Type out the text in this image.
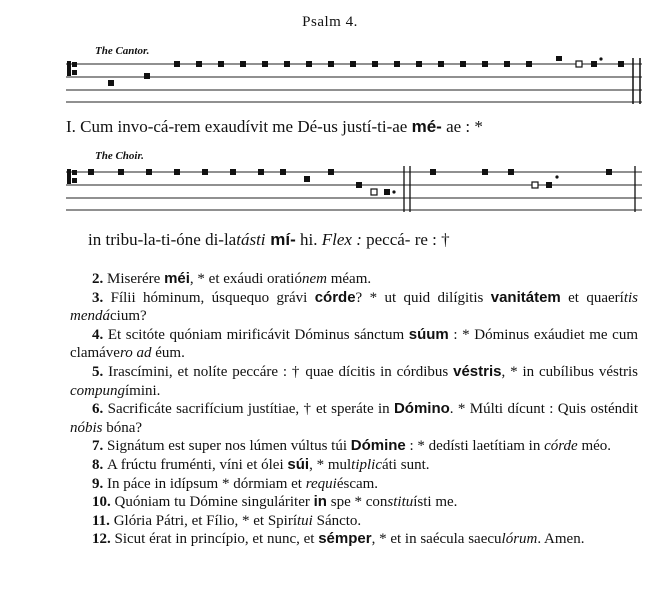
Psalm 4.
The Cantor.
I. Cum invo-cá-rem exaudívit me Dé-us justí-ti-ae mé- ae : *
The Choir.
in tribu-la-ti-óne di-latásti mí- hi. Flex : peccá- re : †

2. Miserére méi, * et exáudi oratiónem méam.

3. Fílii hóminum, úsquequo grávi córde? * ut quid dilígitis vanitátem et quaerítis mendácium?

4. Et scitóte quóniam mirificávit Dóminus sánctum súum : * Dóminus exáudiet me cum clamávero ad éum.

5. Irascímini, et nolíte peccáre : † quae dícitis in córdibus véstris, * in cubílibus véstris compungímini.

6. Sacrificáte sacrifícium justítiae, † et speráte in Dómino. * Múlti dícunt : Quis osténdit nóbis bóna?

7. Signátum est super nos lúmen vúltus túi Dómine : * dedísti laetítiam in córde méo.

8. A frúctu fruménti, víni et ólei súi, * multiplicáti sunt.

9. In páce in idípsum * dórmiam et requiéscam.

10. Quóniam tu Dómine singuláriter in spe * constituísti me.

11. Glória Pátri, et Fílio, * et Spirítui Sáncto.

12. Sicut érat in princípio, et nunc, et sémper, * et in saécula saeculórum. Amen.
